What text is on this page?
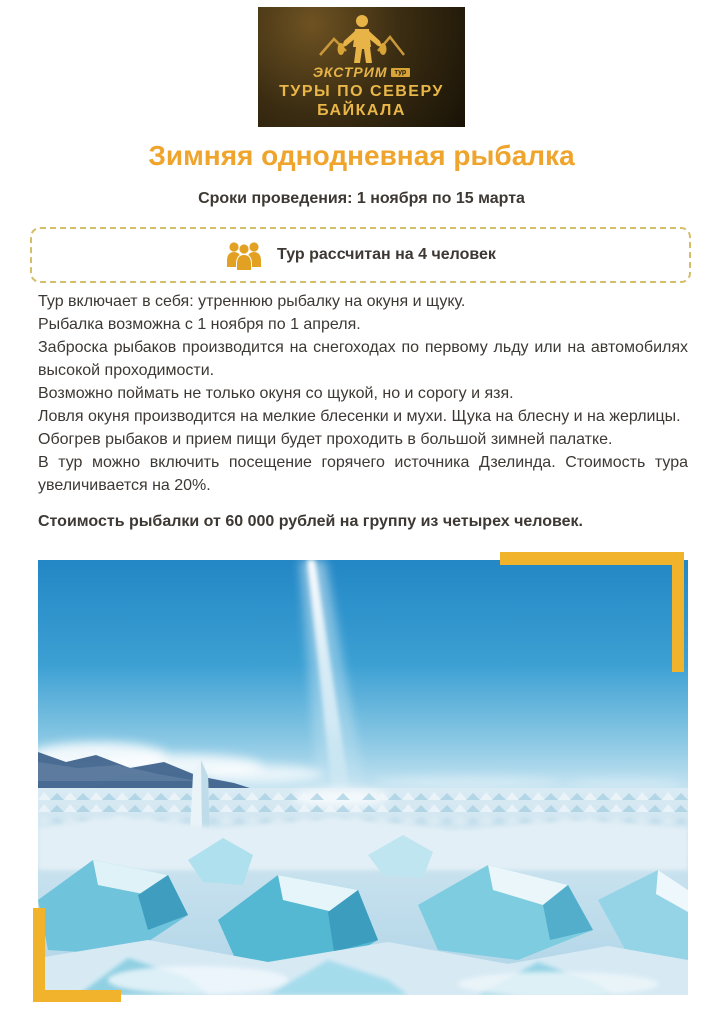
ЭКСТРИМ	тур
ТУРЫ ПО СЕВЕРУ
БАЙКАЛА
Зимняя однодневная рыбалка
Сроки проведения: 1 ноября по 15 марта
Тур рассчитан на 4 человек

Тур включает в себя: утреннюю рыбалку на окуня и щуку.

Рыбалка возможна с 1 ноября по 1 апреля.

Заброска рыбаков производится на снегоходах по первому льду или на автомобилях высокой проходимости.

Возможно поймать не только окуня со щукой, но и сорогу и язя.

Ловля окуня производится на мелкие блесенки и мухи. Щука на блесну и на жерлицы.

Обогрев рыбаков и прием пищи будет проходить в большой зимней палатке.

В тур можно включить посещение горячего источника Дзелинда. Стоимость тура увеличивается на 20%.

Стоимость рыбалки от 60 000 рублей на группу из четырех человек.
